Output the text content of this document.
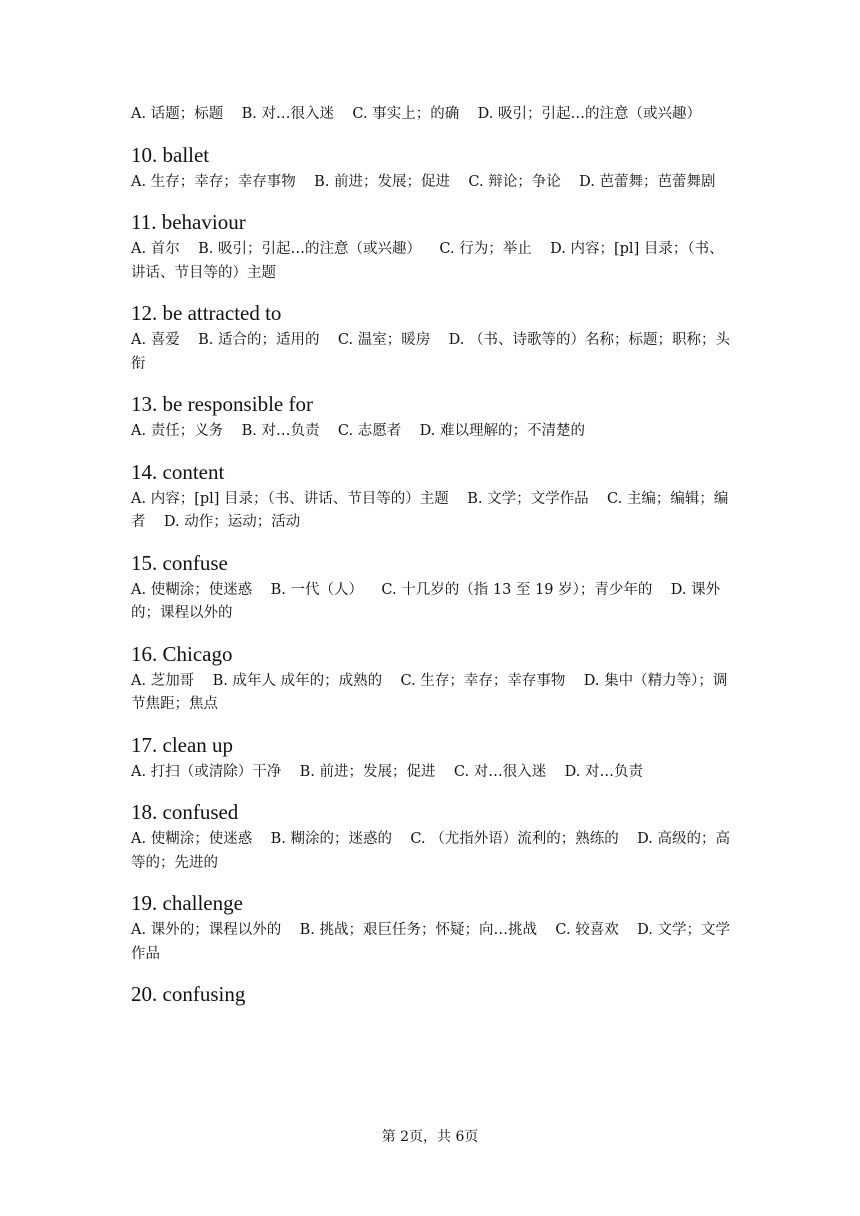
A. 话题；标题    B. 对…很入迷    C. 事实上；的确    D. 吸引；引起…的注意（或兴趣）

10. ballet

A. 生存；幸存；幸存事物    B. 前进；发展；促进    C. 辩论；争论    D. 芭蕾舞；芭蕾舞剧

11. behaviour

A. 首尔    B. 吸引；引起…的注意（或兴趣）    C. 行为；举止    D. 内容；[pl] 目录；（书、讲话、节目等的）主题

12. be attracted to

A. 喜爱    B. 适合的；适用的    C. 温室；暖房    D. （书、诗歌等的）名称；标题；职称；头衔

13. be responsible for

A. 责任；义务    B. 对…负责    C. 志愿者    D. 难以理解的；不清楚的

14. content

A. 内容；[pl] 目录；（书、讲话、节目等的）主题    B. 文学；文学作品    C. 主编；编辑；编者    D. 动作；运动；活动

15. confuse

A. 使糊涂；使迷惑    B. 一代（人）    C. 十几岁的（指 13 至 19 岁）；青少年的    D. 课外的；课程以外的

16. Chicago

A. 芝加哥    B. 成年人 成年的；成熟的    C. 生存；幸存；幸存事物    D. 集中（精力等）；调节焦距；焦点

17. clean up

A. 打扫（或清除）干净    B. 前进；发展；促进    C. 对…很入迷    D. 对…负责

18. confused

A. 使糊涂；使迷惑    B. 糊涂的；迷惑的    C. （尤指外语）流利的；熟练的    D. 高级的；高等的；先进的

19. challenge

A. 课外的；课程以外的    B. 挑战；艰巨任务；怀疑；向…挑战    C. 较喜欢    D. 文学；文学作品

20. confusing

第 2页，共 6页
